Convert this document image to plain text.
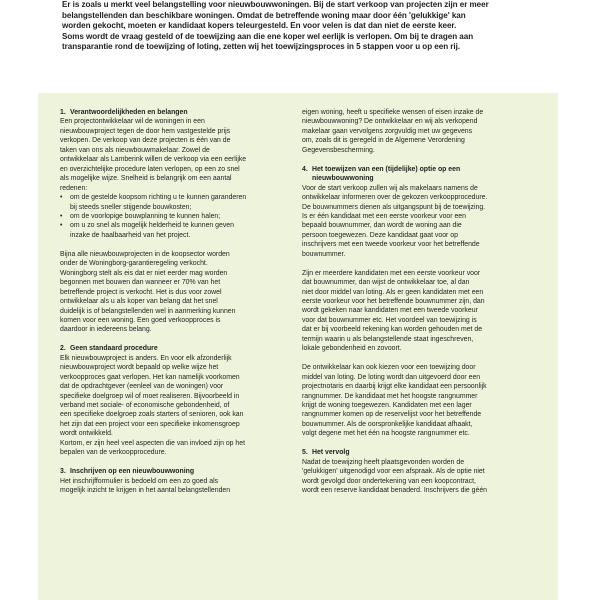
Er is zoals u merkt veel belangstelling voor nieuwbouwwoningen. Bij de start verkoop van projecten zijn er meer

belangstellenden dan beschikbare woningen. Omdat de betreffende woning maar door één 'gelukkige' kan

worden gekocht, moeten er kandidaat kopers teleurgesteld. En voor velen is dat dan niet de eerste keer.

Soms wordt de vraag gesteld of de toewijzing aan die ene koper wel eerlijk is verlopen. Om bij te dragen aan

transparantie rond de toewijzing of loting, zetten wij het toewijzingsproces in 5 stappen voor u op een rij.

1. Verantwoordelijkheden en belangen
Een projectontwikkelaar wil de woningen in een
nieuwbouwproject tegen de door hem vastgestelde prijs
verkopen. De verkoop van deze projecten is één van de
taken van ons als nieuwbouwmakelaar. Zowel de
ontwikkelaar als Lamberink willen de verkoop via een eerlijke
en overzichtelijke procedure laten verlopen, op een zo snel
als mogelijke wijze. Snelheid is belangrijk om een aantal
redenen:
• om de gestelde koopsom richting u te kunnen garanderen
bij steeds sneller stijgende bouwkosten;
• om de voorlopige bouwplanning te kunnen halen;
• om u zo snel als mogelijk helderheid te kunnen geven
inzake de haalbaarheid van het project.

Bijna alle nieuwbouwprojecten in de koopsector worden
onder de Woningborg-garantieregeling verkocht.
Woningborg stelt als eis dat er niet eerder mag worden
begonnen met bouwen dan wanneer er 70% van het
betreffende project is verkocht. Het is dus voor zowel
ontwikkelaar als u als koper van belang dat het snel
duidelijk is of belangstellenden wel in aanmerking kunnen
komen voor een woning. Een goed verkoopproces is
daardoor in iedereens belang.

2. Geen standaard procedure

Elk nieuwbouwproject is anders. En voor elk afzonderlijk
nieuwbouwproject wordt bepaald op welke wijze het
verkoopproces gaat verlopen. Het kan namelijk voorkomen
dat de opdrachtgever (eenleel van de woningen) voor
specifieke doelgroep wil of moet realiseren. Bijvoorbeeld in
verband met sociale- of economische gebondenheid, of
een specifieke doelgroep zoals starters of senioren, ook kan
het zijn dat een project voor een specifieke inkomensgroep
wordt ontwikkeld.
Kortom, er zijn heel veel aspecten die van invloed zijn op het
bepalen van de verkoopprocedure.

3. Inschrijven op een nieuwbouwwoning
Het inschrijfformulier is bedoeld om een zo goed als
mogelijk inzicht te krijgen in het aantal belangstellenden

eigen woning, heeft u specifieke wensen of eisen inzake de
nieuwbouwwoning? De ontwikkelaar en wij als verkopend
makelaar gaan vervolgens zorgvuldig met uw gegevens
om, zoals dit is geregeld in de Algemene Verordening
Gegevensbescherming.

4. Het toewijzen van een (tijdelijke) optie op een
nieuwbouwwoning

Voor de start verkoop zullen wij als makelaars namens de
ontwikkelaar informeren over de gekozen verkoopprocedure.
De bouwnummers dienen als uitgangspunt bij de toewijzing.
Is er één kandidaat met een eerste voorkeur voor een
bepaald bouwnummer, dan wordt de woning aan die
persoon toegewezen. Deze kandidaat gaat voor op
inschrijvers met een tweede voorkeur voor het betreffende
bouwnummer.

Zijn er meerdere kandidaten met een eerste voorkeur voor
dat bouwnummer, dan wijst de ontwikkelaar toe, al dan
niet door middel van loting. Als er geen kandidaten met een
eerste voorkeur voor het betreffende bouwnummer zijn, dan
wordt gekeken naar kandidaten met een tweede voorkeur
voor dat bouwnummer etc. Het voordeel van toewijzing is
dat er bij voorbeeld rekening kan worden gehouden met de
termijn waarin u als belangstellende staat ingeschreven,
lokale gebondenheid en zovoort.

De ontwikkelaar kan ook kiezen voor een toewijzing door
middel van loting. De loting wordt dan uitgevoerd door een
projectnotaris en daarbij krijgt elke kandidaat een persoonlijk
rangnummer. De kandidaat met het hoogste rangnummer
krijgt de woning toegewezen. Kandidaten met een lager
rangnummer komen op de reservelijst voor het betreffende
bouwnummer. Als de oorspronkelijke kandidaat afhaakt,
volgt degene met het één na hoogste rangnummer etc.

5. Het vervolg
Nadat de toewijzing heeft plaatsgevonden worden de
'gelukkigen' uitgenodigd voor een afspraak. Als de optie niet
wordt gevolgd door ondertekening van een koopcontract,
wordt een reserve kandidaat benaderd. Inschrijvers die géén
